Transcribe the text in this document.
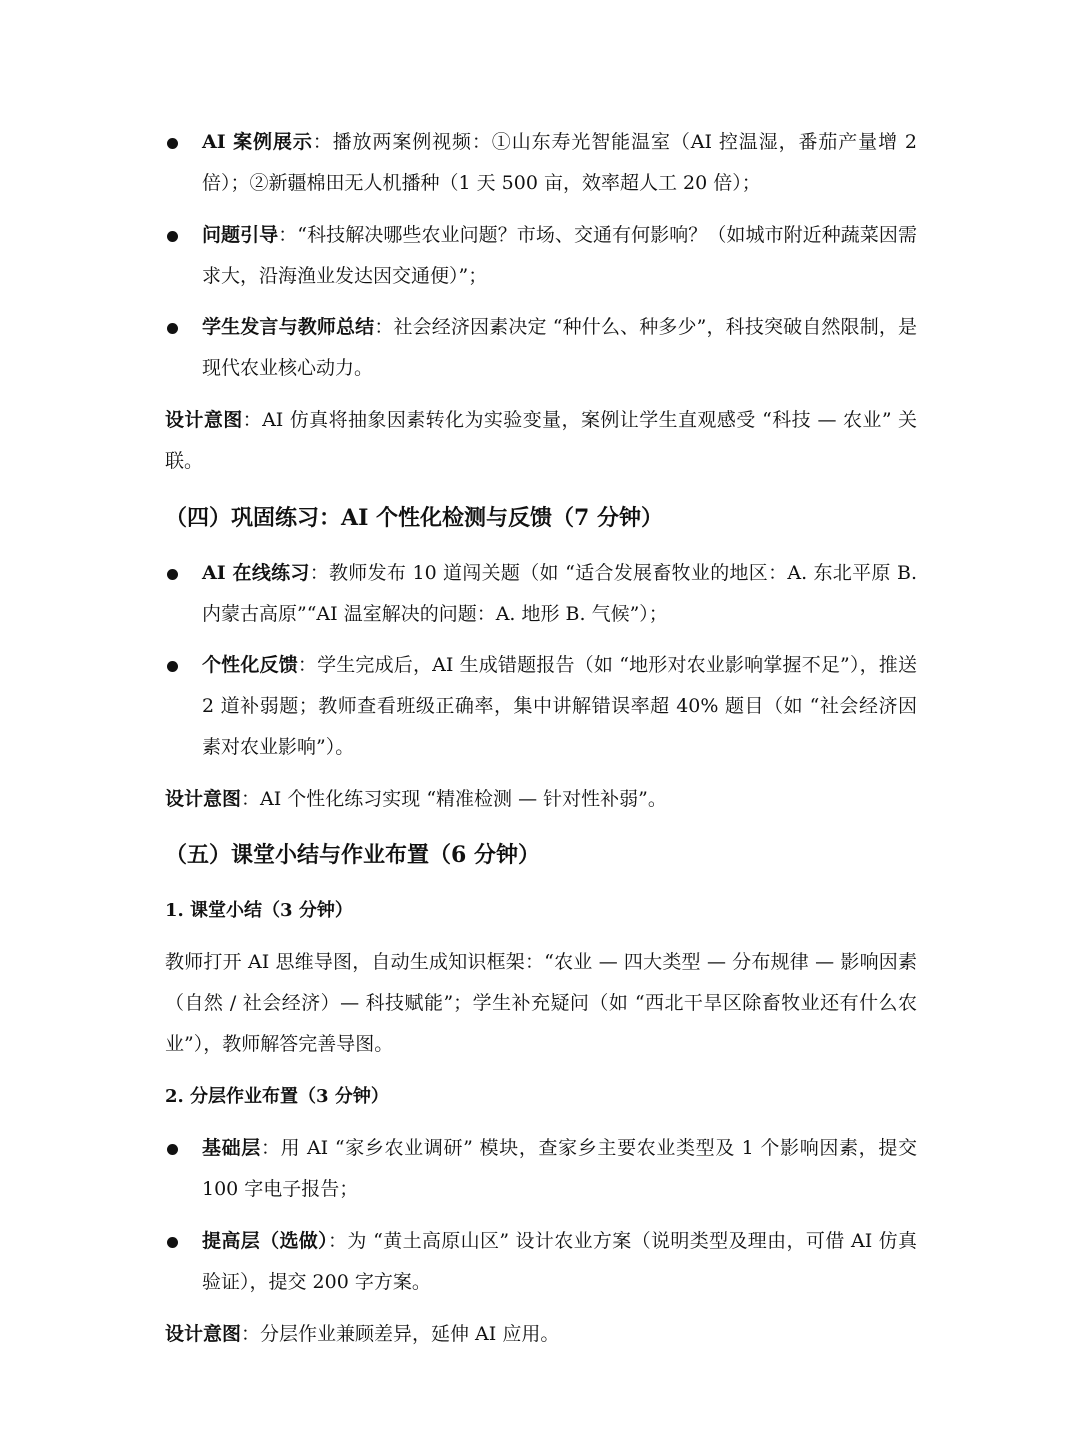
AI 案例展示：播放两案例视频：①山东寿光智能温室（AI 控温湿，番茄产量增 2 倍）；②新疆棉田无人机播种（1 天 500 亩，效率超人工 20 倍）；
问题引导：“科技解决哪些农业问题？市场、交通有何影响？（如城市附近种蔬菜因需求大，沿海渔业发达因交通便）”；
学生发言与教师总结：社会经济因素决定 “种什么、种多少”，科技突破自然限制，是现代农业核心动力。

设计意图：AI 仿真将抽象因素转化为实验变量，案例让学生直观感受 “科技 — 农业” 关联。

（四）巩固练习：AI 个性化检测与反馈（7 分钟）
AI 在线练习：教师发布 10 道闯关题（如 “适合发展畜牧业的地区：A. 东北平原 B. 内蒙古高原”“AI 温室解决的问题：A. 地形 B. 气候”）；
个性化反馈：学生完成后，AI 生成错题报告（如 “地形对农业影响掌握不足”），推送 2 道补弱题；教师查看班级正确率，集中讲解错误率超 40% 题目（如 “社会经济因素对农业影响”）。

设计意图：AI 个性化练习实现 “精准检测 — 针对性补弱”。

（五）课堂小结与作业布置（6 分钟）
1. 课堂小结（3 分钟）

教师打开 AI 思维导图，自动生成知识框架：“农业 — 四大类型 — 分布规律 — 影响因素（自然 / 社会经济）— 科技赋能”；学生补充疑问（如 “西北干旱区除畜牧业还有什么农业”），教师解答完善导图。

2. 分层作业布置（3 分钟）
基础层：用 AI “家乡农业调研” 模块，查家乡主要农业类型及 1 个影响因素，提交 100 字电子报告；
提高层（选做）：为 “黄土高原山区” 设计农业方案（说明类型及理由，可借 AI 仿真验证），提交 200 字方案。

设计意图：分层作业兼顾差异，延伸 AI 应用。
